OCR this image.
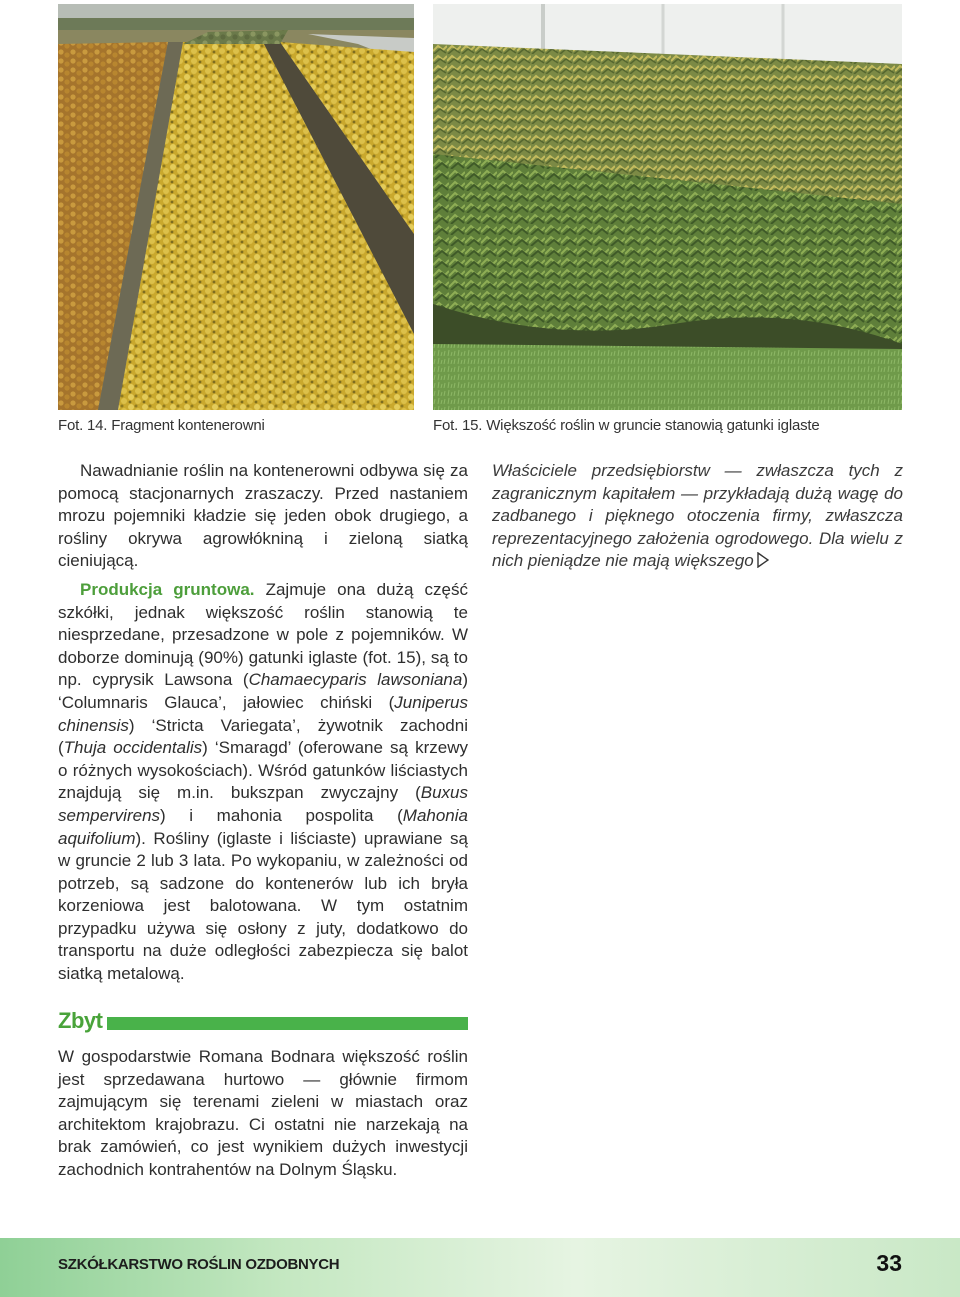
Fot. 14. Fragment kontenerowni	Fot. 15. Większość roślin w gruncie stanowią gatunki iglaste

Nawadnianie roślin na kontenerowni odbywa się za pomocą stacjonarnych zraszaczy. Przed nastaniem mrozu pojemniki kładzie się jeden obok drugiego, a rośliny okrywa agrowłókniną i zieloną siatką cieniującą.

Produkcja gruntowa. Zajmuje ona dużą część szkółki, jednak większość roślin stanowią te niesprzedane, przesadzone w pole z pojemników. W doborze dominują (90%) gatunki iglaste (fot. 15), są to np. cyprysik Lawsona (Chamaecyparis lawsoniana) ‘Columnaris Glauca’, jałowiec chiński (Juniperus chinensis) ‘Stricta Variegata’, żywotnik zachodni (Thuja occidentalis) ‘Smaragd’ (oferowane są krzewy o różnych wysokościach). Wśród gatunków liściastych znajdują się m.in. bukszpan zwyczajny (Buxus sempervirens) i mahonia pospolita (Mahonia aquifolium). Rośliny (iglaste i liściaste) uprawiane są w gruncie 2 lub 3 lata. Po wykopaniu, w zależności od potrzeb, są sadzone do kontenerów lub ich bryła korzeniowa jest balotowana. W tym ostatnim przypadku używa się osłony z juty, dodatkowo do transportu na duże odległości zabezpiecza się balot siatką metalową.

Właściciele przedsiębiorstw — zwłaszcza tych z zagranicznym kapitałem — przykładają dużą wagę do zadbanego i pięknego otoczenia firmy, zwłaszcza reprezentacyjnego założenia ogrodowego. Dla wielu z nich pieniądze nie mają większego

Zbyt

W gospodarstwie Romana Bodnara większość roślin jest sprzedawana hurtowo — głównie firmom zajmującym się terenami zieleni w miastach oraz architektom krajobrazu. Ci ostatni nie narzekają na brak zamówień, co jest wynikiem dużych inwestycji zachodnich kontrahentów na Dolnym Śląsku.

SZKÓŁKARSTWO ROŚLIN OZDOBNYCH	33
